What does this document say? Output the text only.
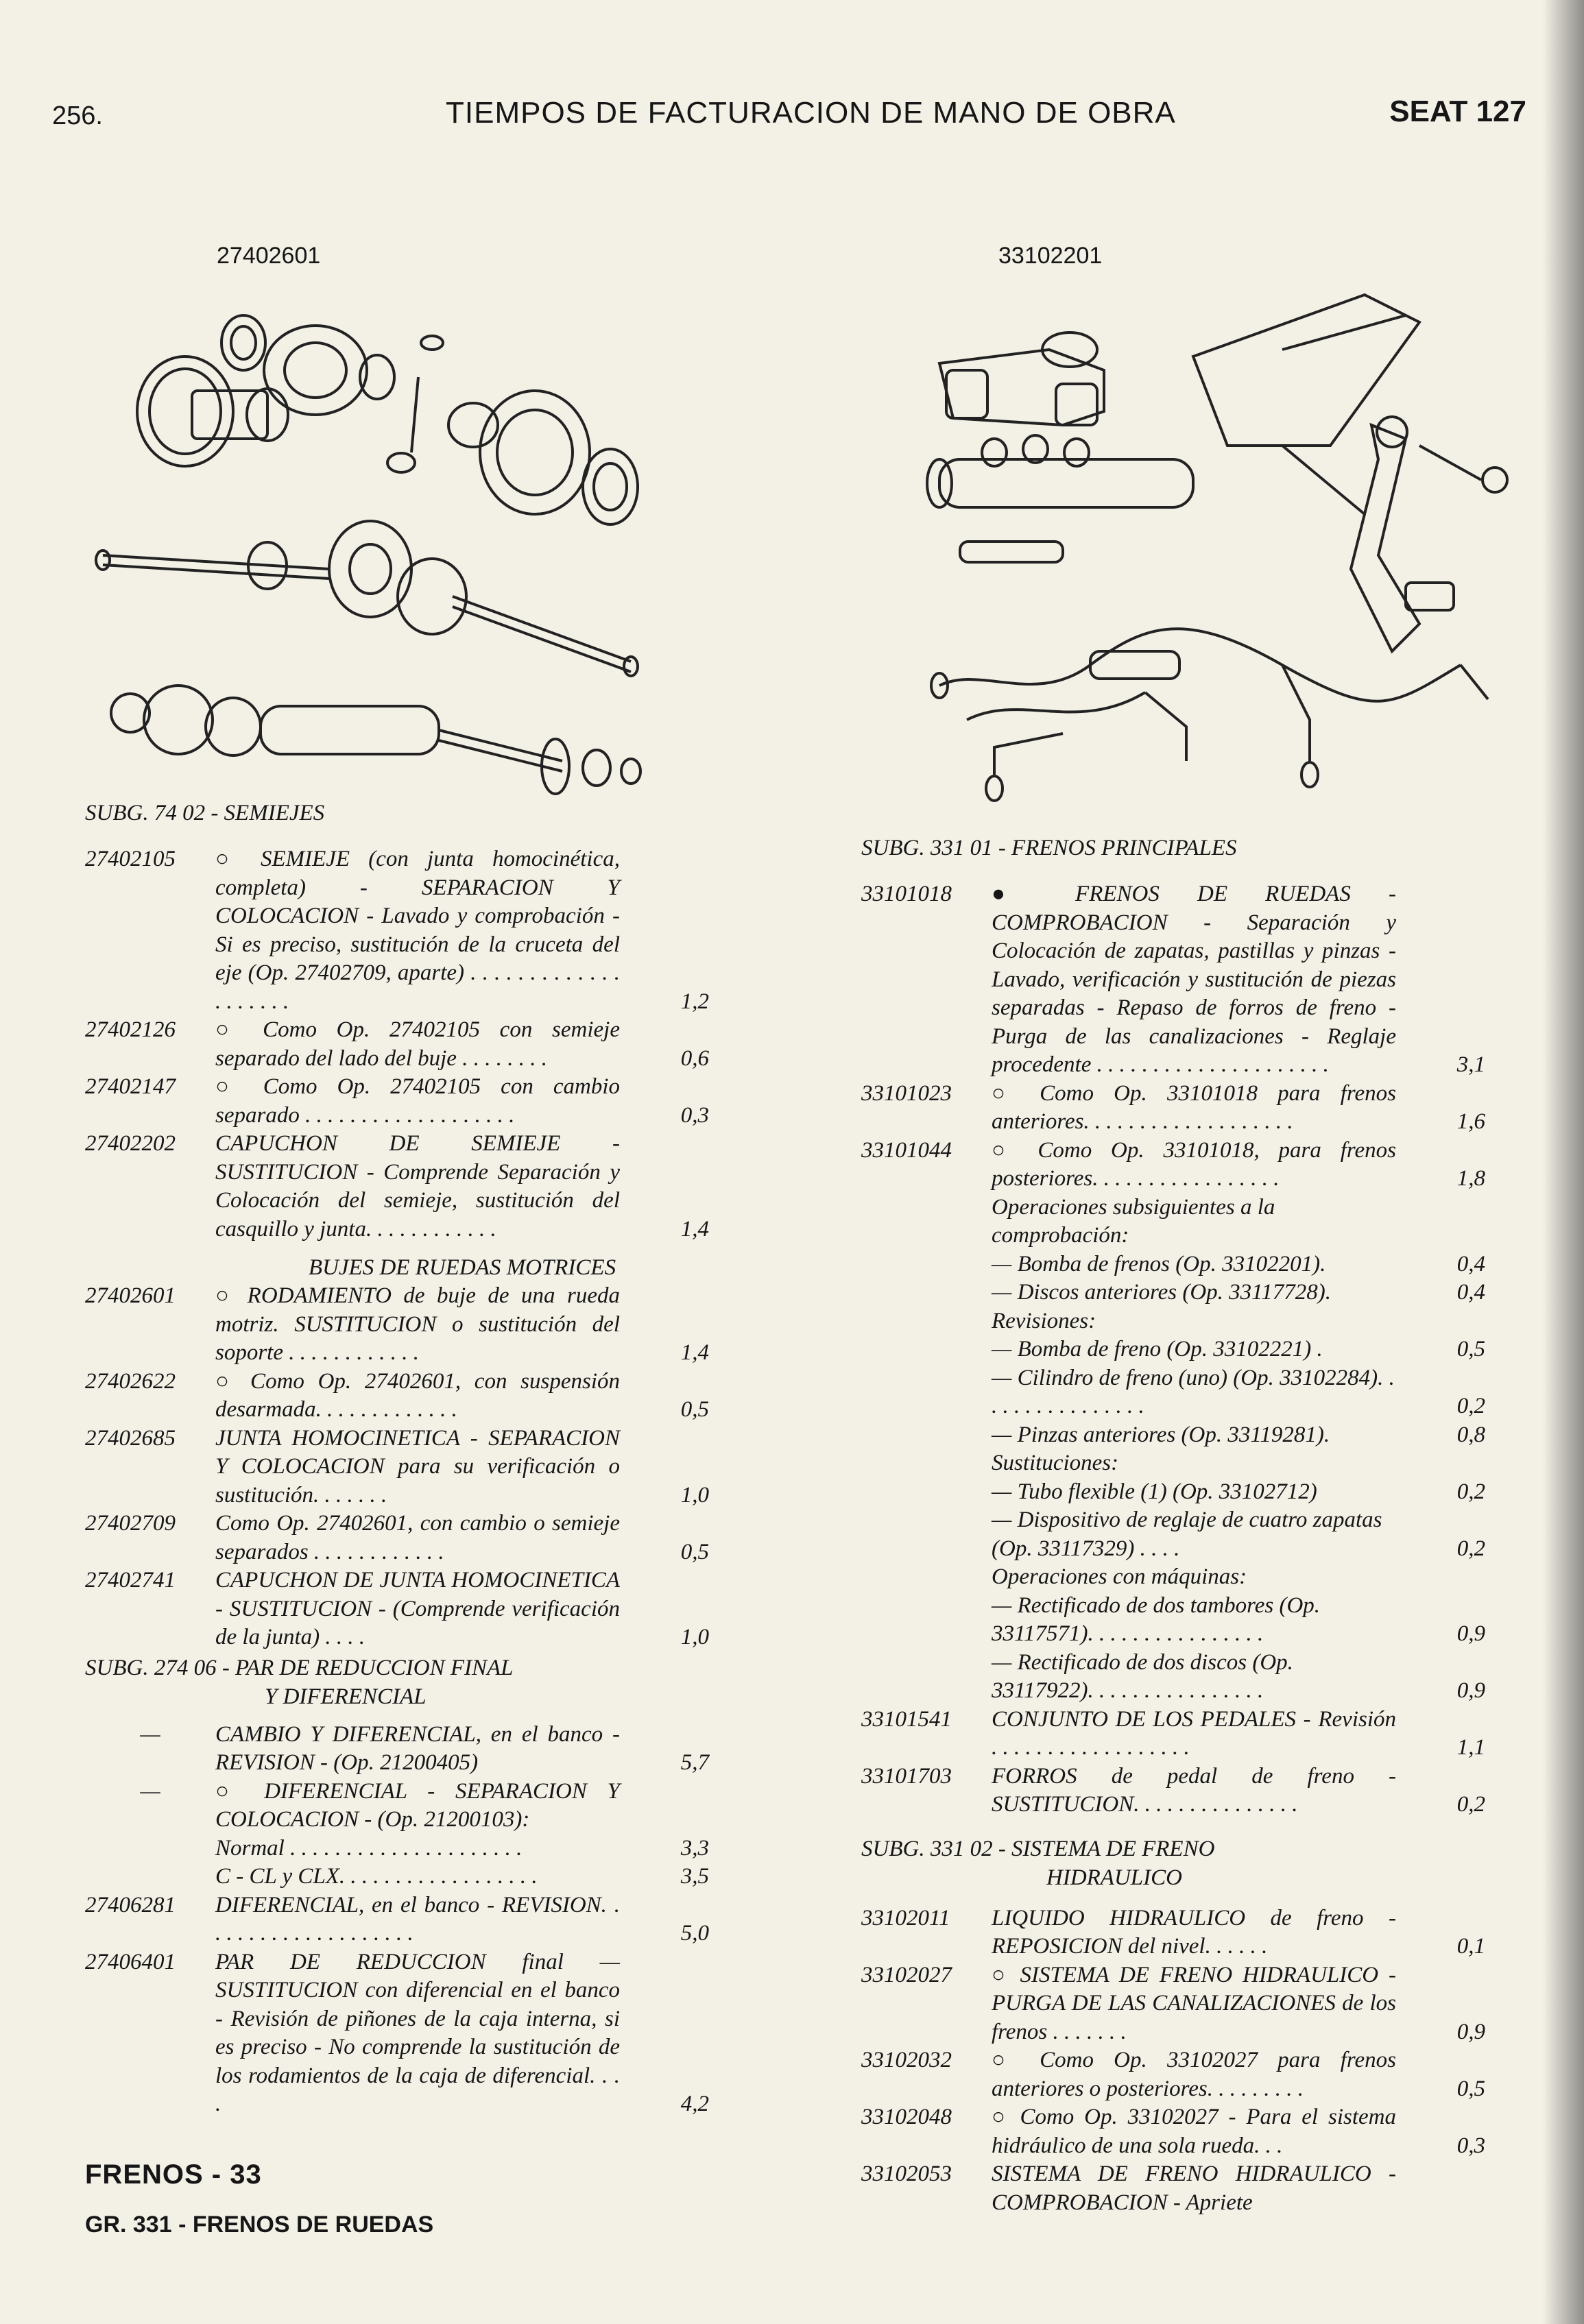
256.	TIEMPOS DE FACTURACION DE MANO DE OBRA	SEAT 127
27402601	33102201
SUBG. 74 02 - SEMIEJES
27402105	○ SEMIEJE (con junta homocinética, completa) - SEPARACION Y COLOCACION - Lavado y comprobación - Si es preciso, sustitución de la cruceta del eje (Op. 27402709, aparte) . . . . . . . . . . . . . . . . . . . .	1,2
27402126	○ Como Op. 27402105 con semieje separado del lado del buje . . . . . . . .	0,6
27402147	○ Como Op. 27402105 con cambio separado . . . . . . . . . . . . . . . . . . .	0,3
27402202	CAPUCHON DE SEMIEJE - SUSTITUCION - Comprende Separación y Colocación del semieje, sustitución del casquillo y junta. . . . . . . . . . . .	1,4
BUJES DE RUEDAS MOTRICES
27402601	○ RODAMIENTO de buje de una rueda motriz. SUSTITUCION o sustitución del soporte . . . . . . . . . . . .	1,4
27402622	○ Como Op. 27402601, con suspensión desarmada. . . . . . . . . . . . .	0,5
27402685	JUNTA HOMOCINETICA - SEPARACION Y COLOCACION para su verificación o sustitución. . . . . . .	1,0
27402709	Como Op. 27402601, con cambio o semieje separados . . . . . . . . . . . .	0,5
27402741	CAPUCHON DE JUNTA HOMOCINETICA - SUSTITUCION - (Comprende verificación de la junta) . . . .	1,0
SUBG. 274 06 - PAR DE REDUCCION FINAL
Y DIFERENCIAL
—	CAMBIO Y DIFERENCIAL, en el banco - REVISION - (Op. 21200405)	5,7
—	○ DIFERENCIAL - SEPARACION Y COLOCACION - (Op. 21200103):
Normal . . . . . . . . . . . . . . . . . . . . .	3,3
C - CL y CLX. . . . . . . . . . . . . . . . . .	3,5
27406281	DIFERENCIAL, en el banco - REVISION. . . . . . . . . . . . . . . . . . . .	5,0
27406401	PAR DE REDUCCION final — SUSTITUCION con diferencial en el banco - Revisión de piñones de la caja interna, si es preciso - No comprende la sustitución de los rodamientos de la caja de diferencial. . . .	4,2
SUBG. 331 01 - FRENOS PRINCIPALES
33101018	● FRENOS DE RUEDAS - COMPROBACION - Separación y Colocación de zapatas, pastillas y pinzas - Lavado, verificación y sustitución de piezas separadas - Repaso de forros de freno - Purga de las canalizaciones - Reglaje procedente . . . . . . . . . . . . . . . . . . . . .	3,1
33101023	○ Como Op. 33101018 para frenos anteriores. . . . . . . . . . . . . . . . . . .	1,6
33101044	○ Como Op. 33101018, para frenos posteriores. . . . . . . . . . . . . . . . .	1,8
Operaciones subsiguientes a la comprobación:
— Bomba de frenos (Op. 33102201).	0,4
— Discos anteriores (Op. 33117728).	0,4
Revisiones:
— Bomba de freno (Op. 33102221) .	0,5
— Cilindro de freno (uno) (Op. 33102284). . . . . . . . . . . . . . . .	0,2
— Pinzas anteriores (Op. 33119281).	0,8
Sustituciones:
— Tubo flexible (1) (Op. 33102712)	0,2
— Dispositivo de reglaje de cuatro zapatas (Op. 33117329) . . . .	0,2
Operaciones con máquinas:
— Rectificado de dos tambores (Op. 33117571). . . . . . . . . . . . . . . .	0,9
— Rectificado de dos discos (Op. 33117922). . . . . . . . . . . . . . . .	0,9
33101541	CONJUNTO DE LOS PEDALES - Revisión . . . . . . . . . . . . . . . . . .	1,1
33101703	FORROS de pedal de freno - SUSTITUCION. . . . . . . . . . . . . . .	0,2
SUBG. 331 02 - SISTEMA DE FRENO
HIDRAULICO
33102011	LIQUIDO HIDRAULICO de freno - REPOSICION del nivel. . . . . .	0,1
33102027	○ SISTEMA DE FRENO HIDRAULICO - PURGA DE LAS CANALIZACIONES de los frenos . . . . . . .	0,9
33102032	○ Como Op. 33102027 para frenos anteriores o posteriores. . . . . . . . .	0,5
33102048	○ Como Op. 33102027 - Para el sistema hidráulico de una sola rueda. . .	0,3
33102053	SISTEMA DE FRENO HIDRAULICO - COMPROBACION - Apriete
FRENOS - 33
GR. 331 - FRENOS DE RUEDAS
